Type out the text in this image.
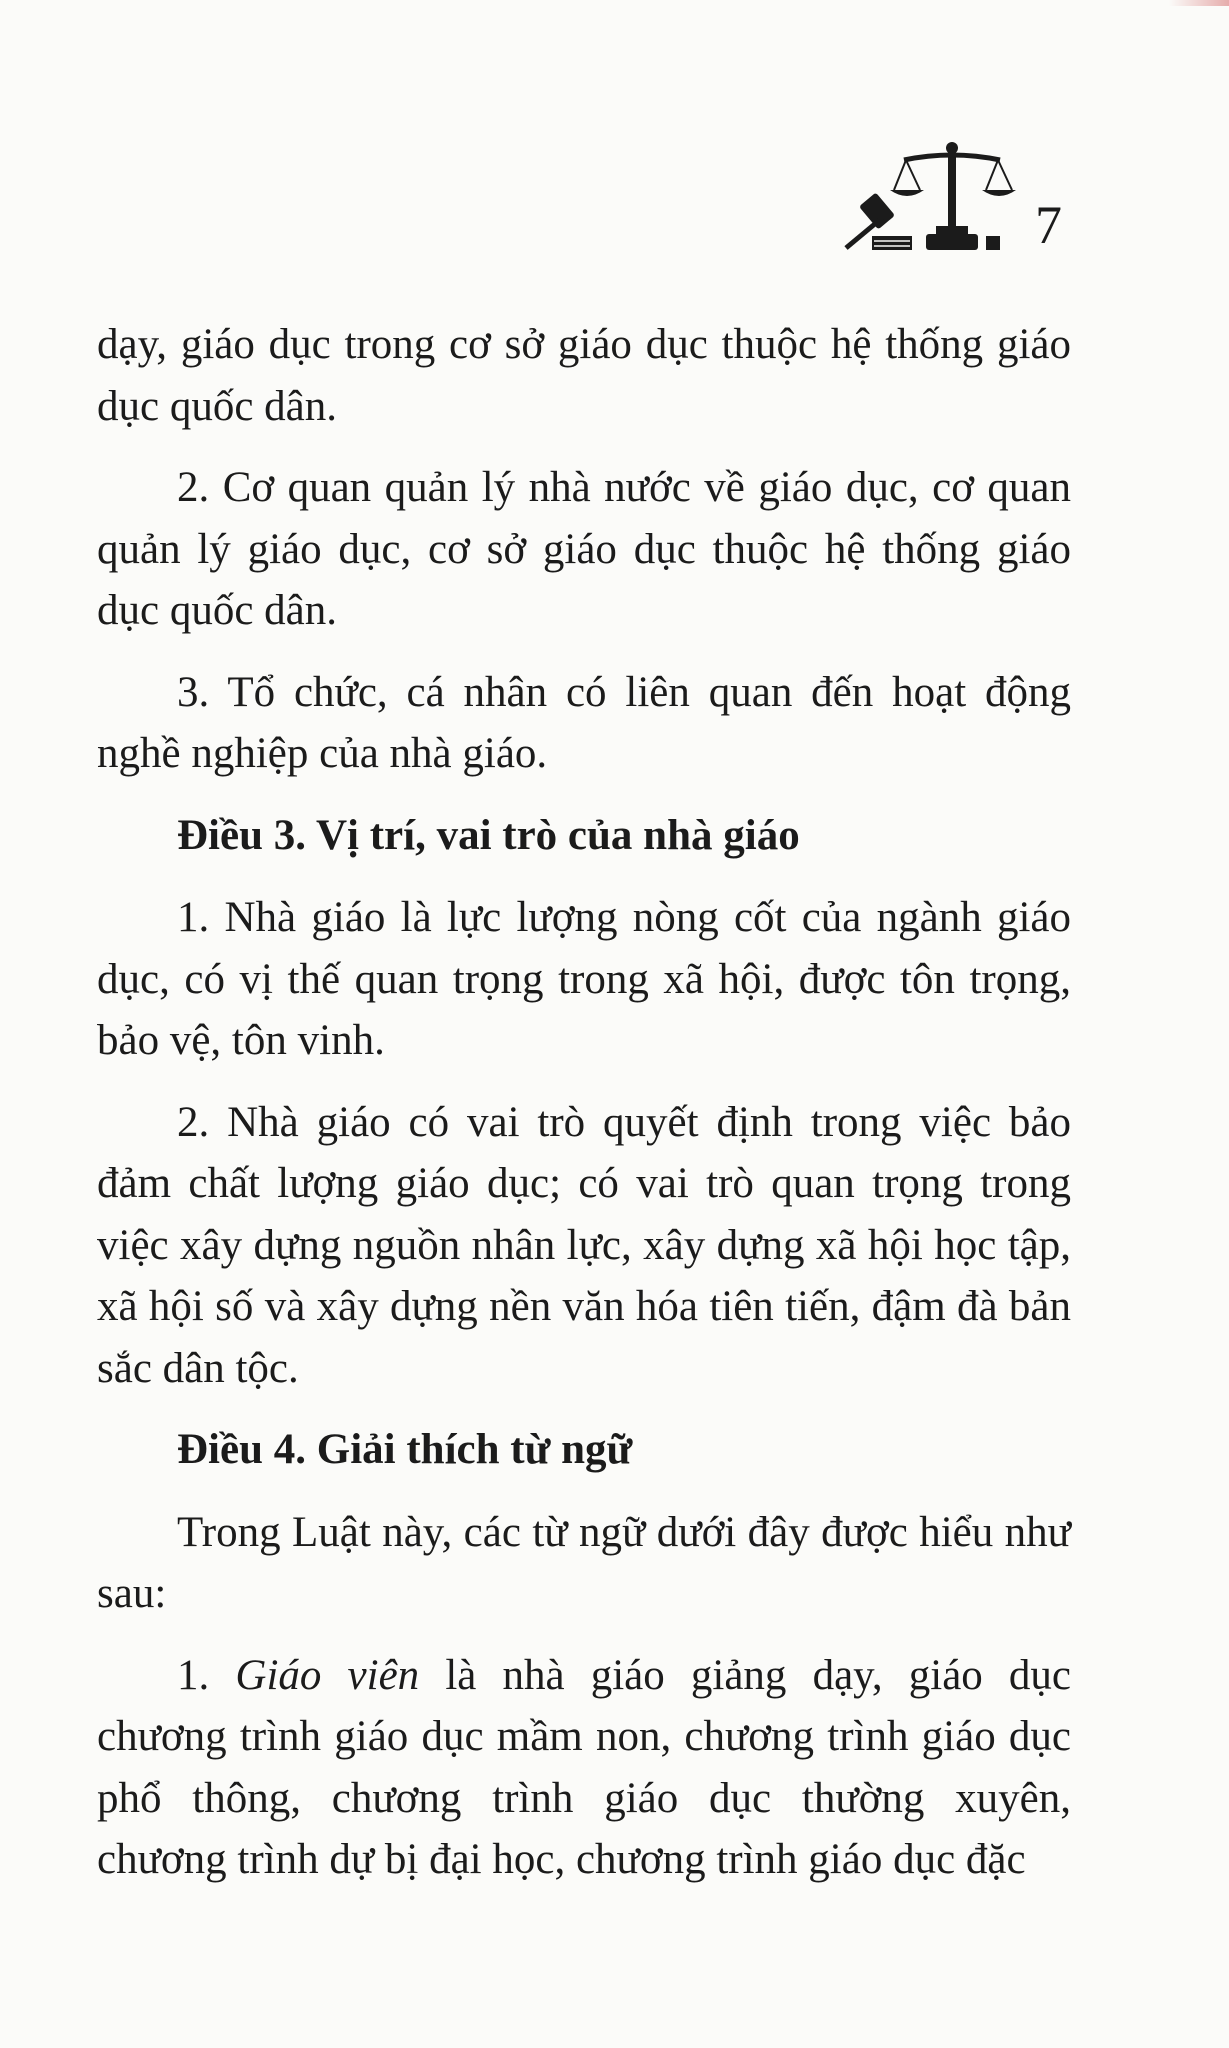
7

dạy, giáo dục trong cơ sở giáo dục thuộc hệ thống giáo dục quốc dân.

2. Cơ quan quản lý nhà nước về giáo dục, cơ quan quản lý giáo dục, cơ sở giáo dục thuộc hệ thống giáo dục quốc dân.

3. Tổ chức, cá nhân có liên quan đến hoạt động nghề nghiệp của nhà giáo.

Điều 3. Vị trí, vai trò của nhà giáo

1. Nhà giáo là lực lượng nòng cốt của ngành giáo dục, có vị thế quan trọng trong xã hội, được tôn trọng, bảo vệ, tôn vinh.

2. Nhà giáo có vai trò quyết định trong việc bảo đảm chất lượng giáo dục; có vai trò quan trọng trong việc xây dựng nguồn nhân lực, xây dựng xã hội học tập, xã hội số và xây dựng nền văn hóa tiên tiến, đậm đà bản sắc dân tộc.

Điều 4. Giải thích từ ngữ

Trong Luật này, các từ ngữ dưới đây được hiểu như sau:

1. Giáo viên là nhà giáo giảng dạy, giáo dục chương trình giáo dục mầm non, chương trình giáo dục phổ thông, chương trình giáo dục thường xuyên, chương trình dự bị đại học, chương trình giáo dục đặc
